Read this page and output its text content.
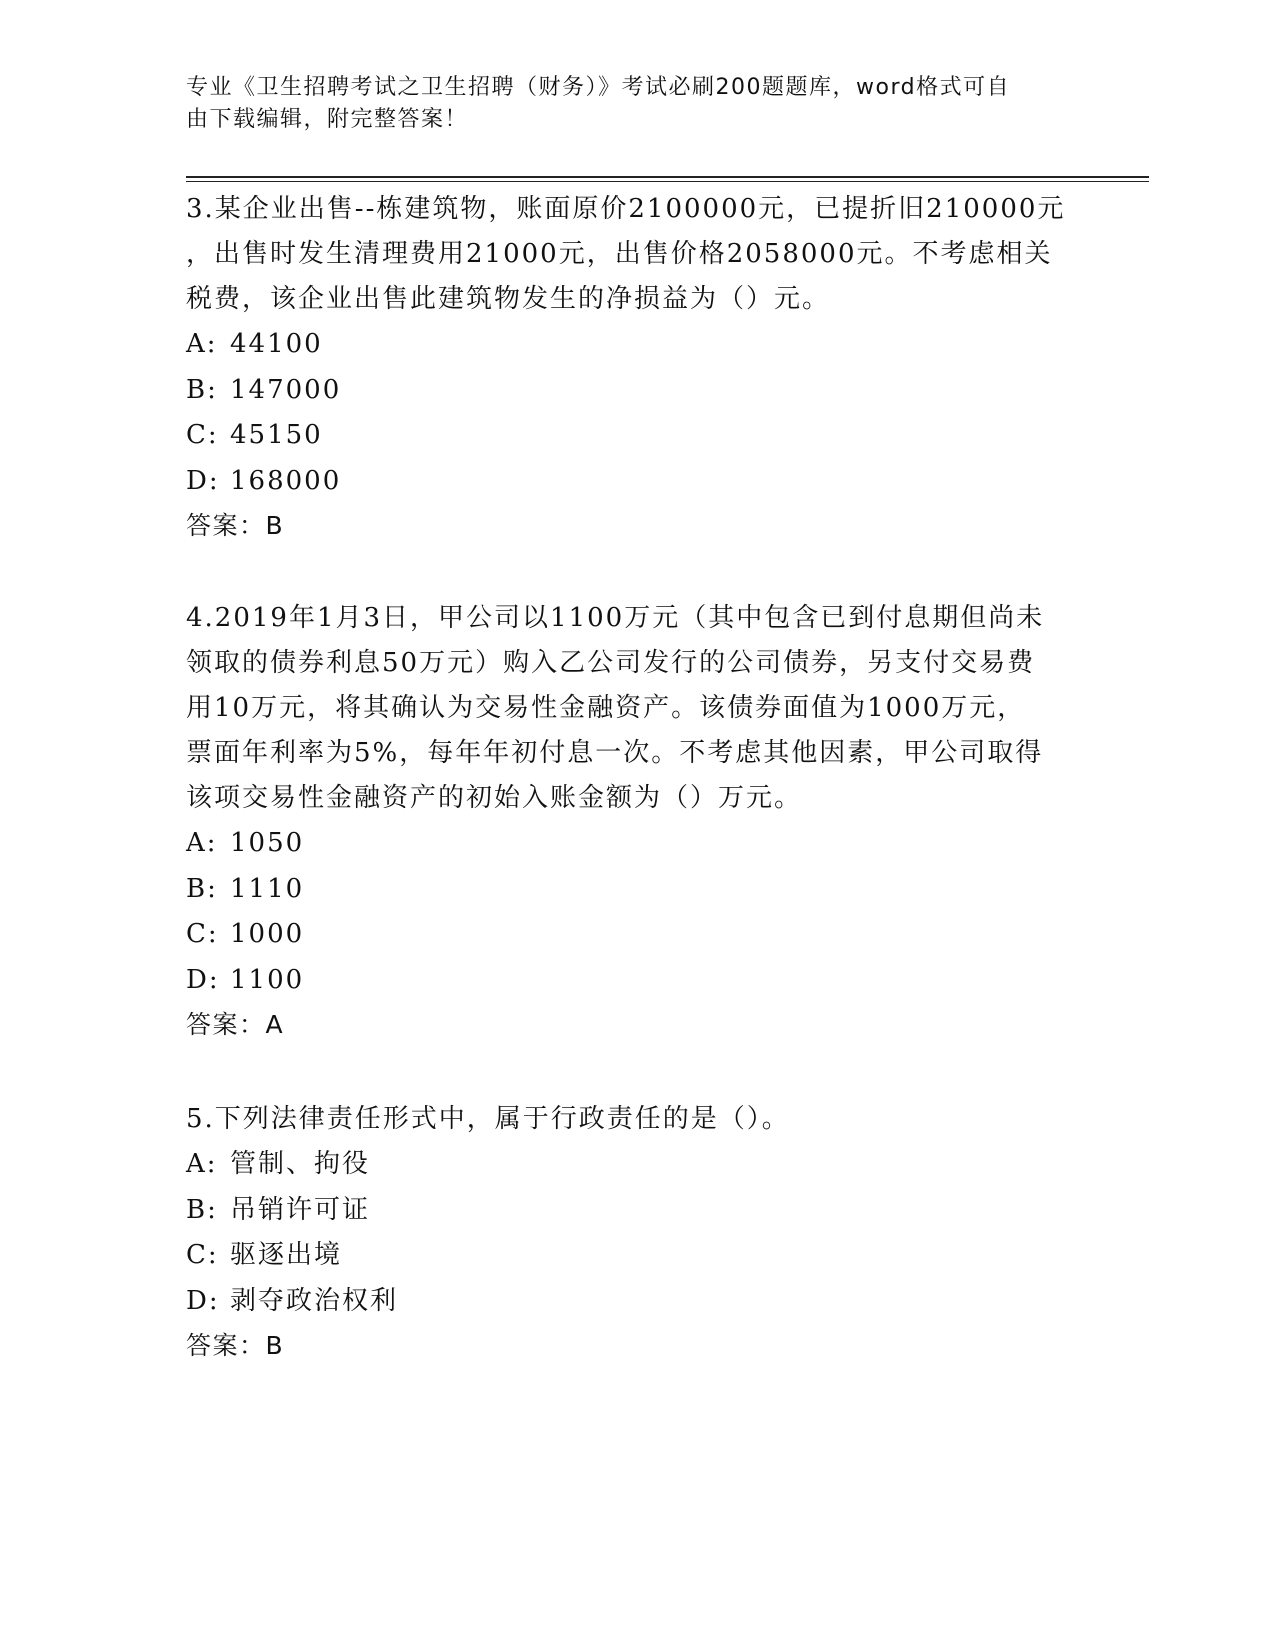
专业《卫生招聘考试之卫生招聘（财务）》考试必刷200题题库，word格式可自
由下载编辑，附完整答案！
3.某企业出售--栋建筑物，账面原价2100000元，已提折旧210000元
，出售时发生清理费用21000元，出售价格2058000元。不考虑相关
税费，该企业出售此建筑物发生的净损益为（）元。
A: 44100
B: 147000
C: 45150
D: 168000
答案：B
4.2019年1月3日，甲公司以1100万元（其中包含已到付息期但尚未
领取的债券利息50万元）购入乙公司发行的公司债券，另支付交易费
用10万元，将其确认为交易性金融资产。该债券面值为1000万元，
票面年利率为5%，每年年初付息一次。不考虑其他因素，甲公司取得
该项交易性金融资产的初始入账金额为（）万元。
A: 1050
B: 1110
C: 1000
D: 1100
答案：A
5.下列法律责任形式中，属于行政责任的是（）。
A: 管制、拘役
B: 吊销许可证
C: 驱逐出境
D: 剥夺政治权利
答案：B
